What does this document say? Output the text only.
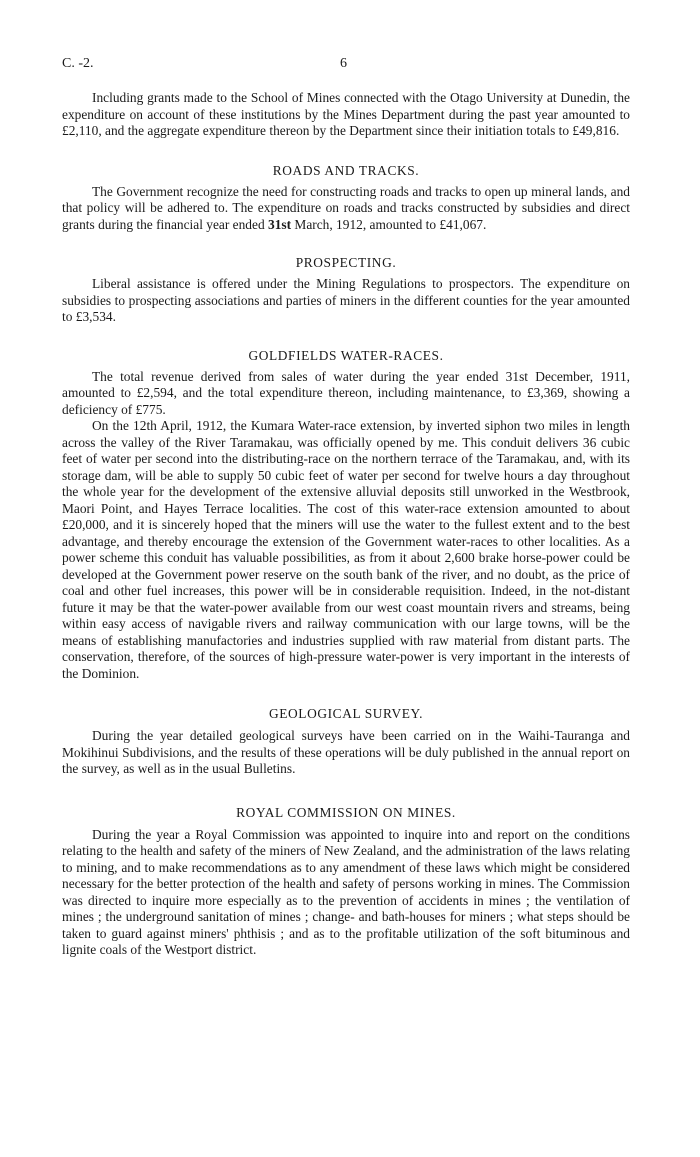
C. -2.	6

Including grants made to the School of Mines connected with the Otago University at Dunedin, the expenditure on account of these institutions by the Mines Department during the past year amounted to £2,110, and the aggregate expenditure thereon by the Department since their initiation totals to £49,816.

ROADS AND TRACKS.

The Government recognize the need for constructing roads and tracks to open up mineral lands, and that policy will be adhered to. The expenditure on roads and tracks constructed by subsidies and direct grants during the financial year ended 31st March, 1912, amounted to £41,067.

PROSPECTING.

Liberal assistance is offered under the Mining Regulations to prospectors. The expenditure on subsidies to prospecting associations and parties of miners in the different counties for the year amounted to £3,534.

GOLDFIELDS WATER-RACES.

The total revenue derived from sales of water during the year ended 31st December, 1911, amounted to £2,594, and the total expenditure thereon, including maintenance, to £3,369, showing a deficiency of £775.

On the 12th April, 1912, the Kumara Water-race extension, by inverted siphon two miles in length across the valley of the River Taramakau, was officially opened by me. This conduit delivers 36 cubic feet of water per second into the distributing-race on the northern terrace of the Taramakau, and, with its storage dam, will be able to supply 50 cubic feet of water per second for twelve hours a day throughout the whole year for the development of the extensive alluvial deposits still unworked in the Westbrook, Maori Point, and Hayes Terrace localities. The cost of this water-race extension amounted to about £20,000, and it is sincerely hoped that the miners will use the water to the fullest extent and to the best advantage, and thereby encourage the extension of the Government water-races to other localities. As a power scheme this conduit has valuable possibilities, as from it about 2,600 brake horse-power could be developed at the Government power reserve on the south bank of the river, and no doubt, as the price of coal and other fuel increases, this power will be in considerable requisition. Indeed, in the not-distant future it may be that the water-power available from our west coast mountain rivers and streams, being within easy access of navigable rivers and railway communication with our large towns, will be the means of establishing manufactories and industries supplied with raw material from distant parts. The conservation, therefore, of the sources of high-pressure water-power is very important in the interests of the Dominion.

GEOLOGICAL SURVEY.

During the year detailed geological surveys have been carried on in the Waihi-Tauranga and Mokihinui Subdivisions, and the results of these operations will be duly published in the annual report on the survey, as well as in the usual Bulletins.

ROYAL COMMISSION ON MINES.

During the year a Royal Commission was appointed to inquire into and report on the conditions relating to the health and safety of the miners of New Zealand, and the administration of the laws relating to mining, and to make recommendations as to any amendment of these laws which might be considered necessary for the better protection of the health and safety of persons working in mines. The Commission was directed to inquire more especially as to the prevention of accidents in mines ; the ventilation of mines ; the underground sanitation of mines ; change- and bath-houses for miners ; what steps should be taken to guard against miners' phthisis ; and as to the profitable utilization of the soft bituminous and lignite coals of the Westport district.
